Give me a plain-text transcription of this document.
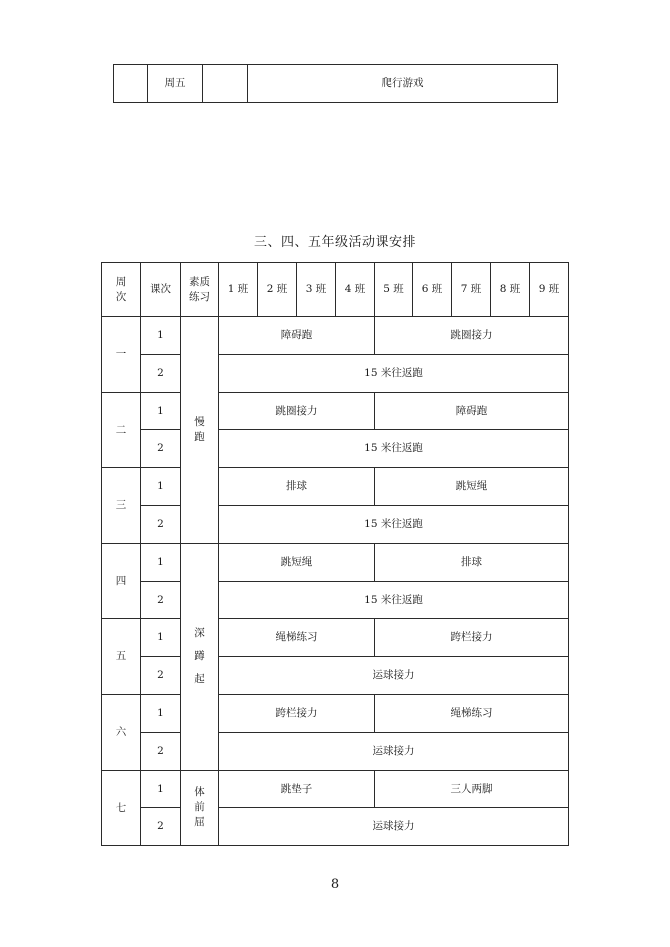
	周五		爬行游戏
三、四、五年级活动课安排
周次	课次	素质练习	1 班	2 班	3 班	4 班	5 班	6 班	7 班	8 班	9 班
一	1	慢跑	障碍跑				跳圈接力				
	2		15 米往返跑								
二	1		跳圈接力				障碍跑				
	2		15 米往返跑								
三	1		排球				跳短绳				
	2		15 米往返跑								
四	1	深蹲起	跳短绳				排球				
	2		15 米往返跑								
五	1		绳梯练习				跨栏接力				
	2		运球接力								
六	1		跨栏接力				绳梯练习				
	2		运球接力								
七	1	体前屈	跳垫子				三人两脚				
	2		运球接力								
8
